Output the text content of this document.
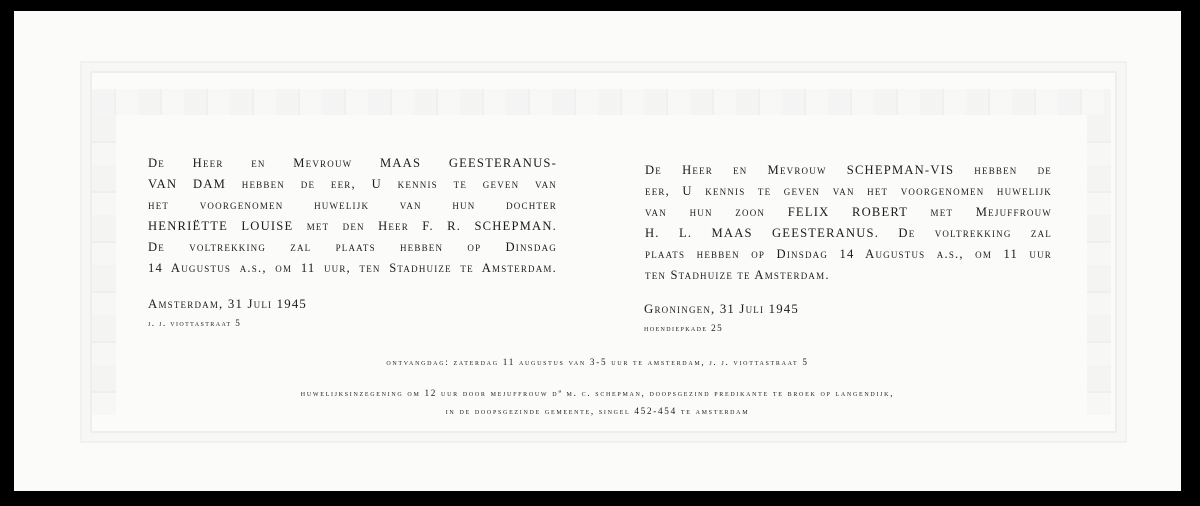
De Heer en Mevrouw MAAS GEESTERANUS-
VAN DAM hebben de eer, U kennis te geven van
het voorgenomen huwelijk van hun dochter
HENRIËTTE LOUISE met den Heer F. R. SCHEPMAN.
De voltrekking zal plaats hebben op Dinsdag
14 Augustus a.s., om 11 uur, ten Stadhuize te Amsterdam.
Amsterdam, 31 Juli 1945
j. j. viottastraat 5
De Heer en Mevrouw SCHEPMAN-VIS hebben de
eer, U kennis te geven van het voorgenomen huwelijk
van hun zoon FELIX ROBERT met Mejuffrouw
H. L. MAAS GEESTERANUS. De voltrekking zal
plaats hebben op Dinsdag 14 Augustus a.s., om 11 uur
ten Stadhuize te Amsterdam.
Groningen, 31 Juli 1945
hoendiepkade 25
ontvangdag: zaterdag 11 augustus van 3-5 uur te amsterdam, j. j. viottastraat 5
huwelijksinzegening om 12 uur door mejuffrouw dª m. c. schepman, doopsgezind predikante te broek op langendijk,
in de doopsgezinde gemeente, singel 452-454 te amsterdam
